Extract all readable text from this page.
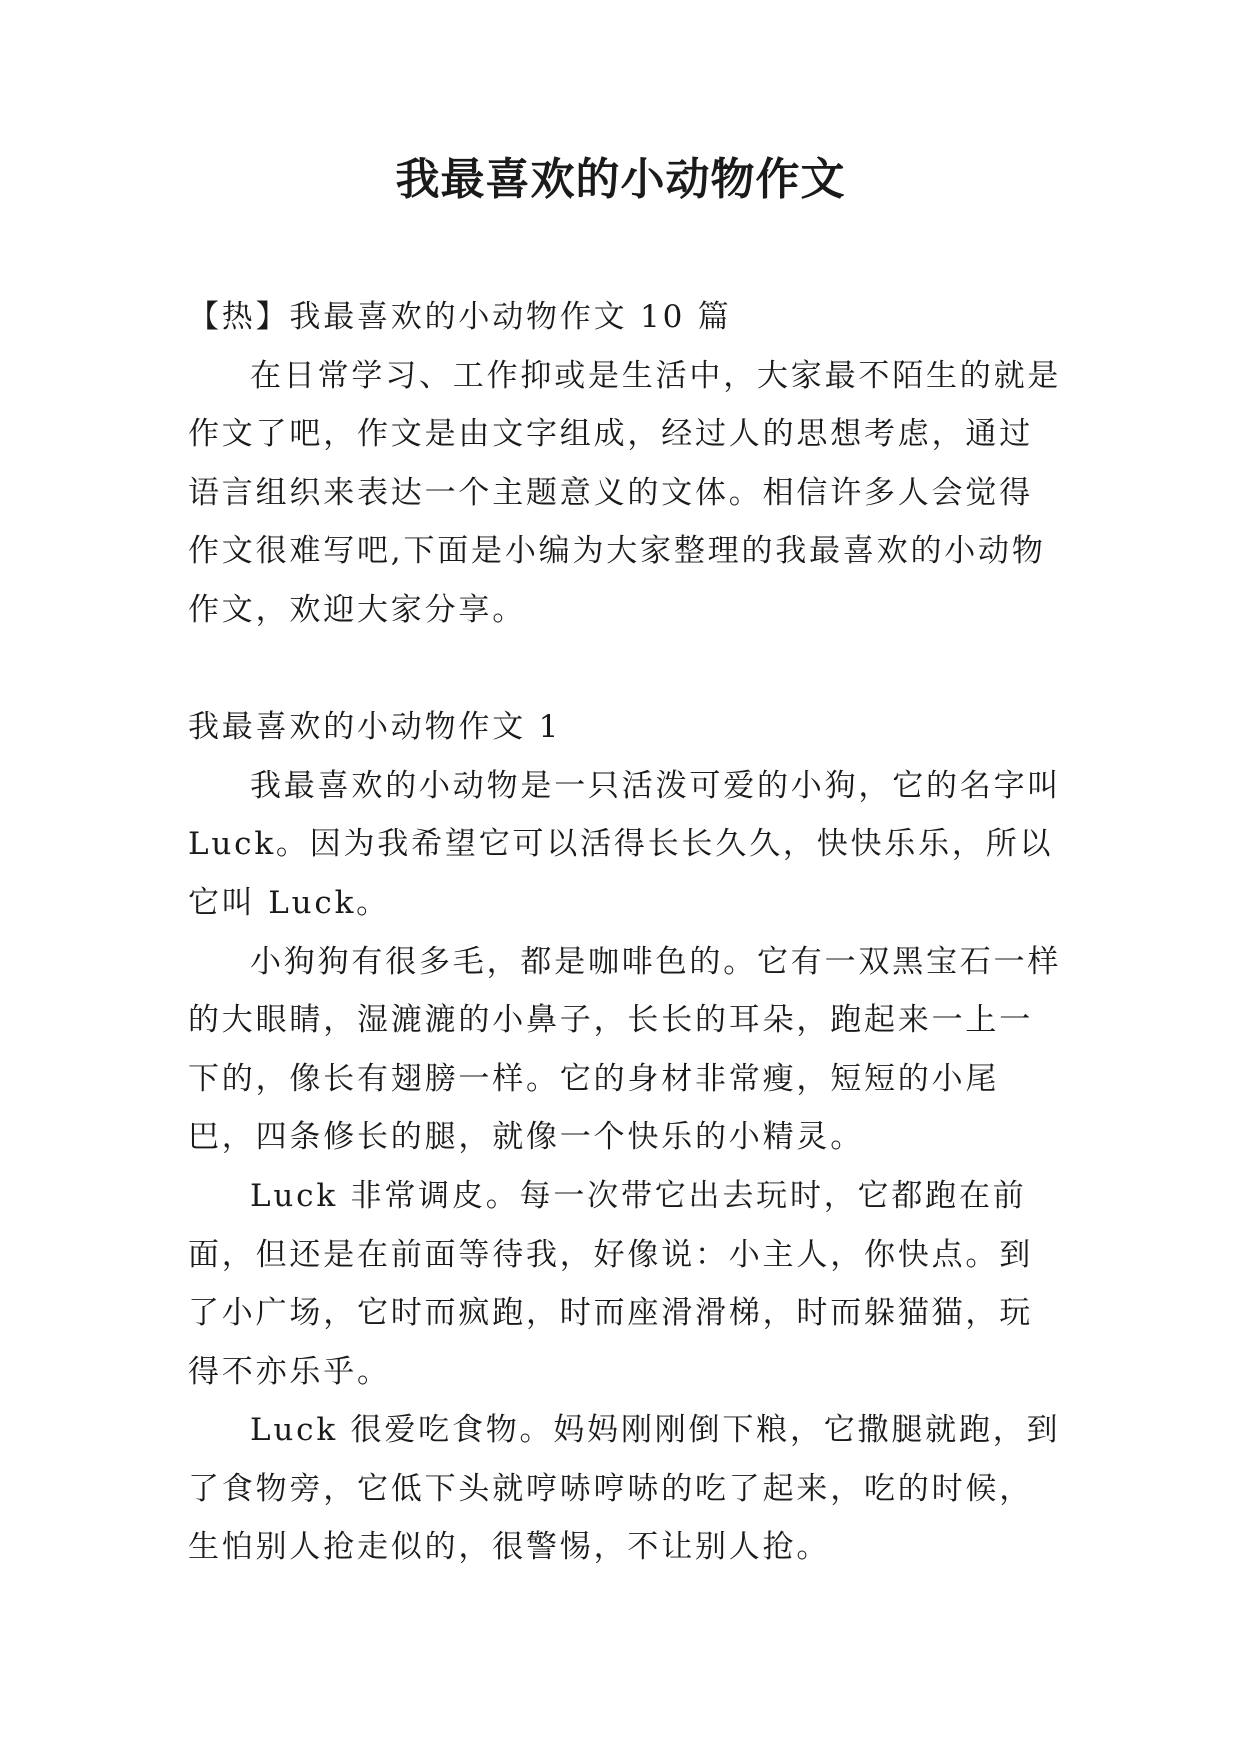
我最喜欢的小动物作文

【热】我最喜欢的小动物作文 10 篇

在日常学习、工作抑或是生活中，大家最不陌生的就是作文了吧，作文是由文字组成，经过人的思想考虑，通过语言组织来表达一个主题意义的文体。相信许多人会觉得作文很难写吧,下面是小编为大家整理的我最喜欢的小动物作文，欢迎大家分享。

我最喜欢的小动物作文 1

我最喜欢的小动物是一只活泼可爱的小狗，它的名字叫 Luck。因为我希望它可以活得长长久久，快快乐乐，所以它叫 Luck。

小狗狗有很多毛，都是咖啡色的。它有一双黑宝石一样的大眼睛，湿漉漉的小鼻子，长长的耳朵，跑起来一上一下的，像长有翅膀一样。它的身材非常瘦，短短的小尾巴，四条修长的腿，就像一个快乐的小精灵。

Luck 非常调皮。每一次带它出去玩时，它都跑在前面，但还是在前面等待我，好像说：小主人，你快点。到了小广场，它时而疯跑，时而座滑滑梯，时而躲猫猫，玩得不亦乐乎。

Luck 很爱吃食物。妈妈刚刚倒下粮，它撒腿就跑，到了食物旁，它低下头就哼哧哼哧的吃了起来，吃的时候，生怕别人抢走似的，很警惕，不让别人抢。
